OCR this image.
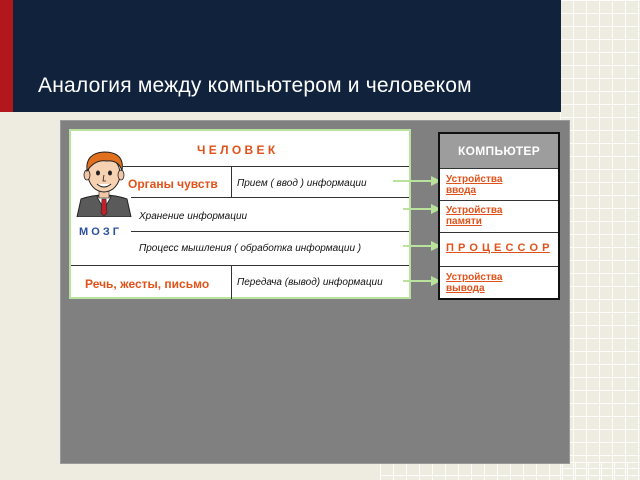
Аналогия между компьютером и человеком
Ч Е Л О В Е К
Органы чувств Прием ( ввод ) информации
Хранение информации
М О З Г
Процесс мышления ( обработка информации )
Речь, жесты, письмо	Передача (вывод) информации
КОМПЬЮТЕР
Устройства
ввода
Устройства
памяти
П Р О Ц Е С С О Р
Устройства
вывода
